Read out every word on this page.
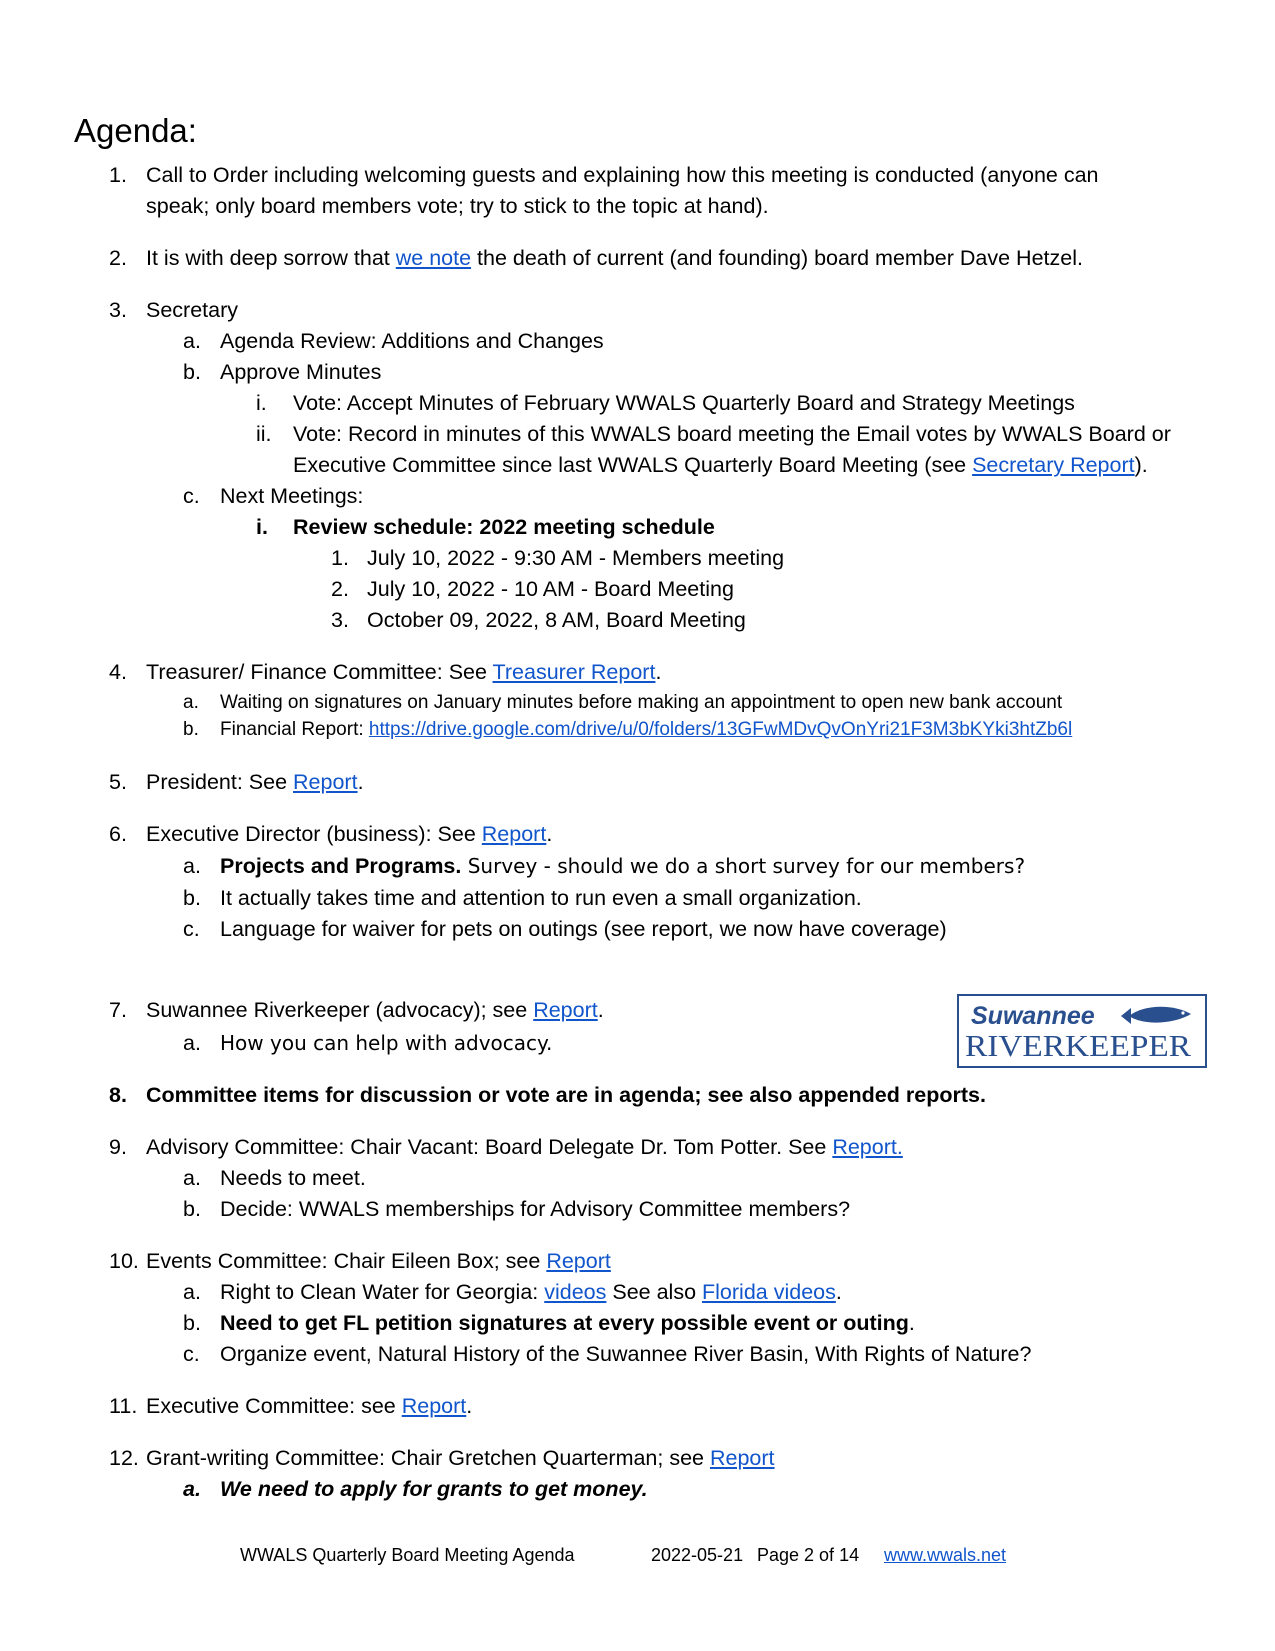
Agenda:
1. Call to Order including welcoming guests and explaining how this meeting is conducted (anyone can
speak; only board members vote; try to stick to the topic at hand).
2. It is with deep sorrow that we note the death of current (and founding) board member Dave Hetzel.
3. Secretary
a. Agenda Review: Additions and Changes
b. Approve Minutes
i. Vote: Accept Minutes of February WWALS Quarterly Board and Strategy Meetings
ii. Vote: Record in minutes of this WWALS board meeting the Email votes by WWALS Board or
Executive Committee since last WWALS Quarterly Board Meeting (see Secretary Report).
c. Next Meetings:
i. Review schedule: 2022 meeting schedule
1. July 10, 2022 - 9:30 AM - Members meeting
2. July 10, 2022 - 10 AM - Board Meeting
3. October 09, 2022, 8 AM, Board Meeting
4. Treasurer/ Finance Committee: See Treasurer Report.
a. Waiting on signatures on January minutes before making an appointment to open new bank account
b. Financial Report: https://drive.google.com/drive/u/0/folders/13GFwMDvQvOnYri21F3M3bKYki3htZb6l
5. President: See Report.
6. Executive Director (business): See Report.
a. Projects and Programs. Survey - should we do a short survey for our members?
b. It actually takes time and attention to run even a small organization.
c. Language for waiver for pets on outings (see report, we now have coverage)
7. Suwannee Riverkeeper (advocacy); see Report.
a. How you can help with advocacy.
Suwannee
RIVERKEEPER
8. Committee items for discussion or vote are in agenda; see also appended reports.
9. Advisory Committee: Chair Vacant: Board Delegate Dr. Tom Potter. See Report.
a. Needs to meet.
b. Decide: WWALS memberships for Advisory Committee members?
10. Events Committee: Chair Eileen Box; see Report
a. Right to Clean Water for Georgia: videos See also Florida videos.
b. Need to get FL petition signatures at every possible event or outing.
c. Organize event, Natural History of the Suwannee River Basin, With Rights of Nature?
11. Executive Committee: see Report.
12. Grant-writing Committee: Chair Gretchen Quarterman; see Report
a. We need to apply for grants to get money.
WWALS Quarterly Board Meeting Agenda	2022-05-21 Page 2 of 14 www.wwals.net
